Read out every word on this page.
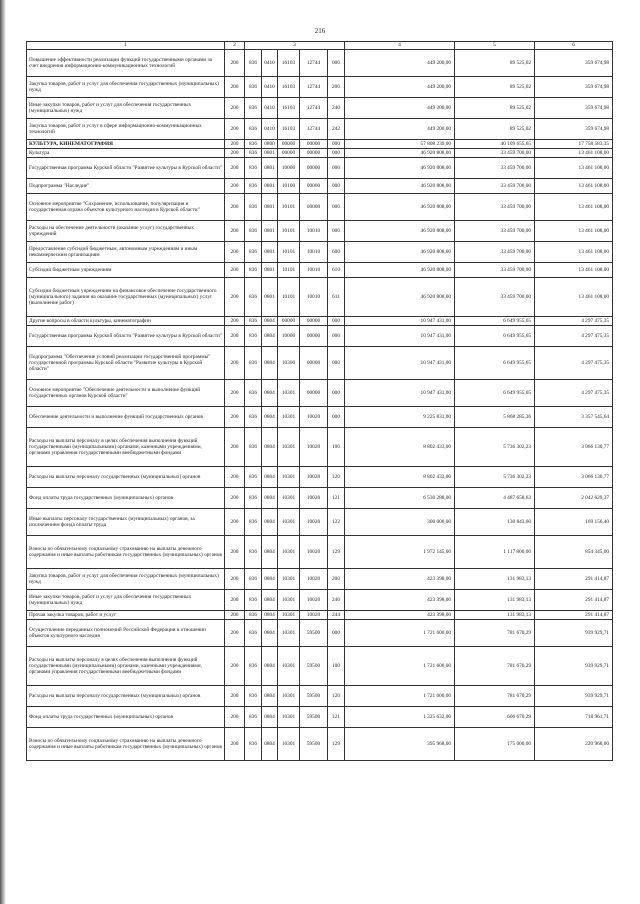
216
1	2	3					4	5	6
Повышение эффективности реализации функций государственными органами за счет внедрения информационно-коммуникационных технологий	200	836	0410	16103	12744	000	449 200,00	89 525,02	359 674,98
Закупка товаров, работ и услуг для обеспечения государственных (муниципальных) нужд	200	836	0410	16103	12744	200	449 200,00	89 525,02	359 674,98
Иные закупки товаров, работ и услуг для обеспечения государственных (муниципальных) нужд	200	836	0410	16103	12744	240	449 200,00	89 525,02	359 674,98
Закупка товаров, работ и услуг в сфере информационно-коммуникационных технологий	200	836	0410	16103	12744	242	449 200,00	89 525,02	359 674,98
КУЛЬТУРА, КИНЕМАТОГРАФИЯ	200	836	0800	00000	00000	000	57 808 239,00	40 109 655,65	17 758 583,35
Культура	200	836	0801	00000	00000	000	46 920 808,00	33 459 700,00	13 461 108,00
Государственная программа Курской области "Развитие культуры в Курской области"	200	836	0801	10000	00000	000	46 920 808,00	33 459 700,00	13 461 108,00
Подпрограмма "Наследие"	200	836	0801	10100	00000	000	46 920 808,00	33 459 700,00	13 461 108,00
Основное мероприятие "Сохранение, использование, популяризация и государственная охрана объектов культурного наследия в Курской области"	200	836	0801	10101	00000	000	46 920 808,00	33 459 700,00	13 461 108,00
Расходы на обеспечение деятельности (оказание услуг) государственных учреждений	200	836	0801	10101	10010	000	46 920 808,00	33 459 700,00	13 461 108,00
Предоставление субсидий бюджетным, автономным учреждениям и иным некоммерческим организациям	200	836	0801	10101	10010	600	46 920 808,00	33 459 700,00	13 461 108,00
Субсидии бюджетным учреждениям	200	836	0801	10101	10010	610	46 920 808,00	33 459 700,00	13 461 108,00
Субсидии бюджетным учреждениям на финансовое обеспечение государственного (муниципального) задания на оказание государственных (муниципальных) услуг (выполнение работ)	200	836	0801	10101	10010	611	46 920 808,00	33 459 700,00	13 461 108,00
Другие вопросы в области культуры, кинематографии	200	836	0804	00000	00000	000	10 947 431,00	6 649 955,65	4 297 475,35
Государственная программа Курской области "Развитие культуры в Курской области"	200	836	0804	10000	00000	000	10 947 431,00	6 649 955,65	4 297 475,35
Подпрограмма "Обеспечение условий реализации государственной программы" государственной программы Курской области "Развитие культуры в Курской области"	200	836	0804	10300	00000	000	10 947 431,00	6 649 955,65	4 297 475,35
Основное мероприятие "Обеспечение деятельности и выполнение функций государственных органов Курской области"	200	836	0804	10301	00000	000	10 947 431,00	6 649 955,65	4 297 475,35
Обеспечение деятельности и выполнение функций государственных органов	200	836	0804	10301	10020	000	9 225 831,00	5 868 285,36	3 357 545,64
Расходы на выплаты персоналу в целях обеспечения выполнения функций государственными (муниципальными) органами, казенными учреждениями, органами управления государственными внебюджетными фондами	200	836	0804	10301	10020	100	8 802 433,00	5 736 302,23	3 066 130,77
Расходы на выплаты персоналу государственных (муниципальных) органов	200	836	0804	10301	10020	120	8 802 433,00	5 736 302,23	3 066 130,77
Фонд оплаты труда государственных (муниципальных) органов	200	836	0804	10301	10020	121	6 530 288,00	4 487 658,63	2 042 629,37
Иные выплаты персоналу государственных (муниципальных) органов, за исключением фонда оплаты труда	200	836	0804	10301	10020	122	300 000,00	130 843,60	169 156,40
Взносы по обязательному социальному страхованию на выплаты денежного содержания и иные выплаты работникам государственных (муниципальных) органов	200	836	0804	10301	10020	129	1 972 145,00	1 117 800,00	854 345,00
Закупка товаров, работ и услуг для обеспечения государственных (муниципальных) нужд	200	836	0804	10301	10020	200	423 398,00	131 983,13	291 414,87
Иные закупки товаров, работ и услуг для обеспечения государственных (муниципальных) нужд	200	836	0804	10301	10020	240	423 398,00	131 983,13	291 414,87
Прочая закупка товаров, работ и услуг	200	836	0804	10301	10020	244	423 398,00	131 983,13	291 414,87
Осуществление переданных полномочий Российской Федерации в отношении объектов культурного наследия	200	836	0804	10301	59500	000	1 721 600,00	781 670,29	939 929,71
Расходы на выплаты персоналу в целях обеспечения выполнения функций государственными (муниципальными) органами, казенными учреждениями, органами управления государственными внебюджетными фондами	200	836	0804	10301	59500	100	1 721 600,00	781 670,29	939 929,71
Расходы на выплаты персоналу государственных (муниципальных) органов	200	836	0804	10301	59500	120	1 721 600,00	781 670,29	939 929,71
Фонд оплаты труда государственных (муниципальных) органов	200	836	0804	10301	59500	121	1 325 632,00	606 670,29	718 961,71
Взносы по обязательному социальному страхованию на выплаты денежного содержания и иные выплаты работникам государственных (муниципальных) органов	200	836	0804	10301	59500	129	395 968,00	175 000,00	220 968,00
